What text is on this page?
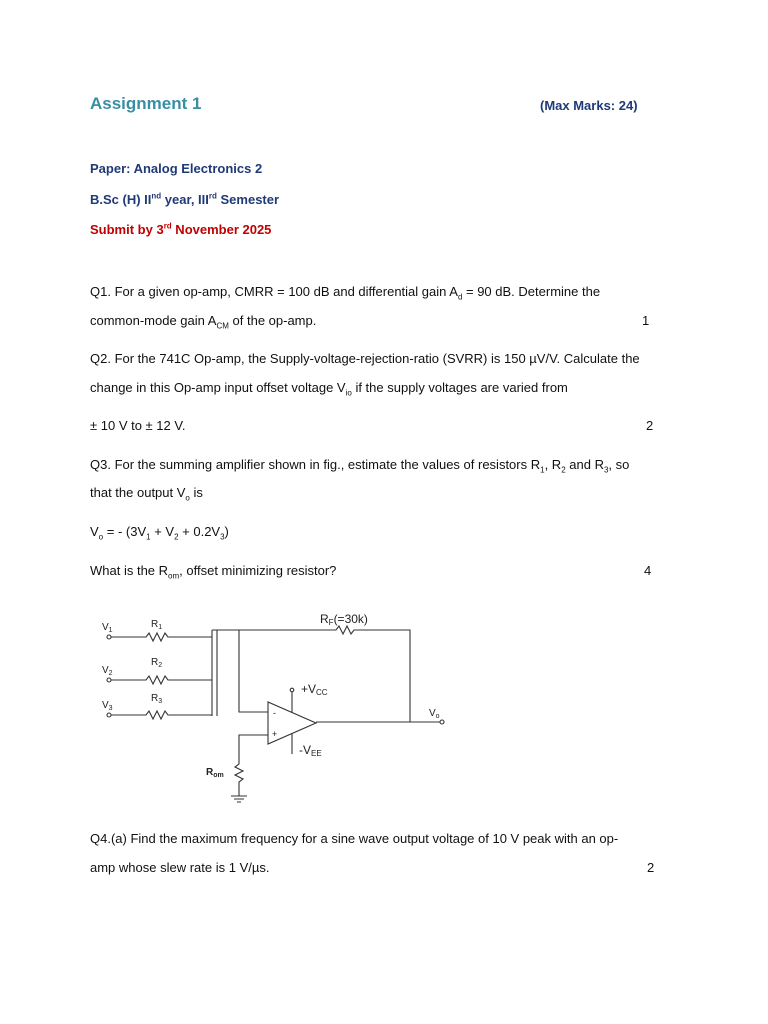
Assignment 1	(Max Marks: 24)
Paper: Analog Electronics 2
B.Sc (H) IInd year, IIIrd Semester
Submit by 3rd November 2025
Q1. For a given op-amp, CMRR = 100 dB and differential gain $A_d = 90$ dB. Determine the
common-mode gain $A_{CM}$ of the op-amp.	1
Q2. For the 741C Op-amp, the Supply-voltage-rejection-ratio (SVRR) is 150 µV/V. Calculate the
change in this Op-amp input offset voltage $V_{io}$ if the supply voltages are varied from
± 10 V to ± 12 V.	2
Q3. For the summing amplifier shown in fig., estimate the values of resistors $R_1$, $R_2$ and $R_3$, so
that the output $V_o$ is
$V_o$ = - $(3V_1 + V_2 + 0.2V_3)$
What is the $R_{om}$, offset minimizing resistor?	4
$V_1$
$V_2$
$V_3$
$R_1$
$R_2$
$R_3$
RF(=30k)
+VCC
-VEE
$V_o$
$R_{om}$
-
+
Q4.(a) Find the maximum frequency for a sine wave output voltage of 10 V peak with an op-
amp whose slew rate is 1 V/µs.	2
